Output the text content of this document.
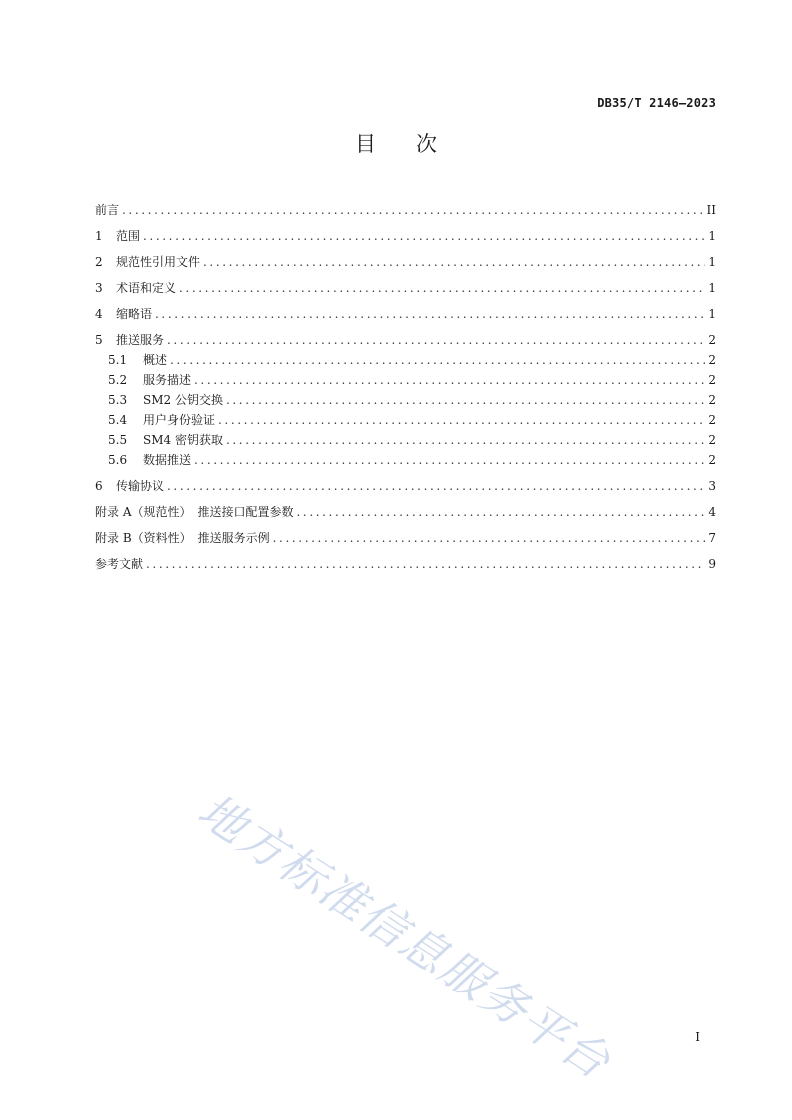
DB35/T 2146—2023
目 次
前言 .....	II
1	范围 .....	1
2	规范性引用文件 .....	1
3	术语和定义 .....	1
4	缩略语 .....	1
5	推送服务 .....	2
5.1	概述 .....	2
5.2	服务描述 .....	2
5.3	SM2 公钥交换 .....	2
5.4	用户身份验证 .....	2
5.5	SM4 密钥获取 .....	2
5.6	数据推送 .....	2
6	传输协议 .....	3
附录 A（规范性）　推送接口配置参数 .....	4
附录 B（资料性）　推送服务示例 .....	7
参考文献 .....	9
地方标准信息服务平台	I
